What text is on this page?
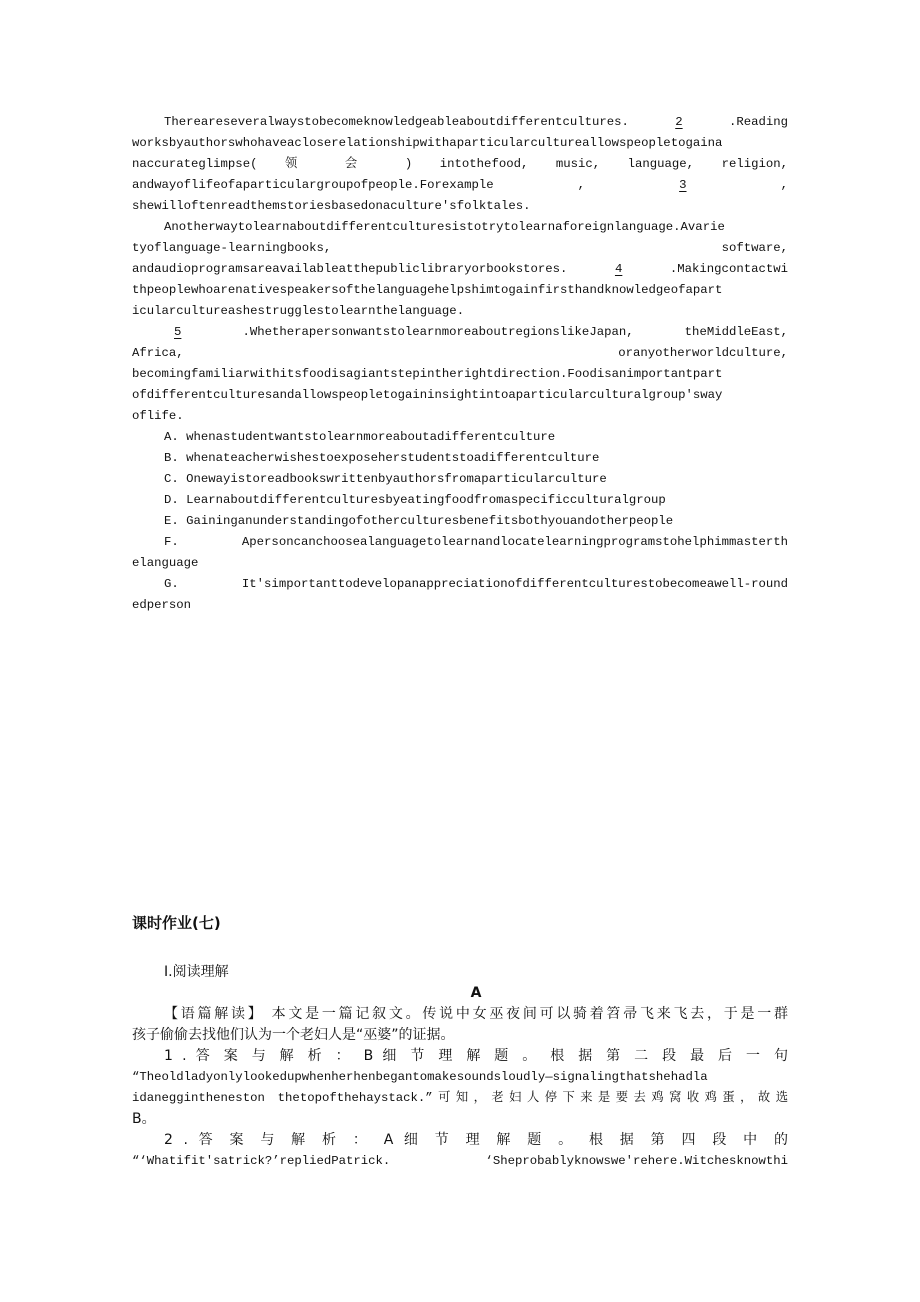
Thereareseveralwaystobecomeknowledgeableaboutdifferentcultures.	2	.Reading
worksbyauthorswhohaveacloserelationshipwithaparticularcultureallowspeopletogaina
naccurateglimpse( 领 会 ) intothefood, music, language, religion,
andwayoflifeofaparticulargroupofpeople.Forexample ,	3	,
shewilloftenreadthemstoriesbasedonaculture'sfolktales.
Anotherwaytolearnaboutdifferentculturesistotrytolearnaforeignlanguage.Avarie
tyoflanguage-learningbooks, software,
andaudioprogramsareavailableatthepubliclibraryorbookstores.	4	.Makingcontactwi
thpeoplewhoarenativespeakersofthelanguagehelpshimtogainfirsthandknowledgeofapart
icularcultureashestrugglestolearnthelanguage.
5	.WhetherapersonwantstolearnmoreaboutregionslikeJapan, theMiddleEast,
Africa, oranyotherworldculture,
becomingfamiliarwithitsfoodisagiantstepintherightdirection.Foodisanimportantpart
ofdifferentculturesandallowspeopletogaininsightintoaparticularculturalgroup'sway
oflife.
A. whenastudentwantstolearnmoreaboutadifferentculture
B. whenateacherwishestoexposeherstudentstoadifferentculture
C. Onewayistoreadbookswrittenbyauthorsfromaparticularculture
D. Learnaboutdifferentculturesbyeatingfoodfromaspecificculturalgroup
E. Gaininganunderstandingofotherculturesbenefitsbothyouandotherpeople
F. Apersoncanchoosealanguagetolearnandlocatelearningprogramstohelphimmasterth
elanguage
G. It'simportanttodevelopanappreciationofdifferentculturestobecomeawell-round
edperson
课时作业(七)
Ⅰ.阅读理解
A
【语篇解读】 本文是一篇记叙文。传说中女巫夜间可以骑着笤帚飞来飞去，于是一群
孩子偷偷去找他们认为一个老妇人是“巫婆”的证据。
1 . 答 案 与 解 析 ： B 细 节 理 解 题 。 根 据 第 二 段 最 后 一 句
“Theoldladyonlylookedupwhenherhenbegantomakesoundsloudly—signalingthatshehadla
idaneggintheneston thetopofthehaystack.”可知，老妇人停下来是要去鸡窝收鸡蛋，故选
B。
2 . 答 案 与 解 析 ： A 细 节 理 解 题 。 根 据 第 四 段 中 的
“‘Whatifit'satrick?’repliedPatrick. ‘Sheprobablyknowswe'rehere.Witchesknowthi
